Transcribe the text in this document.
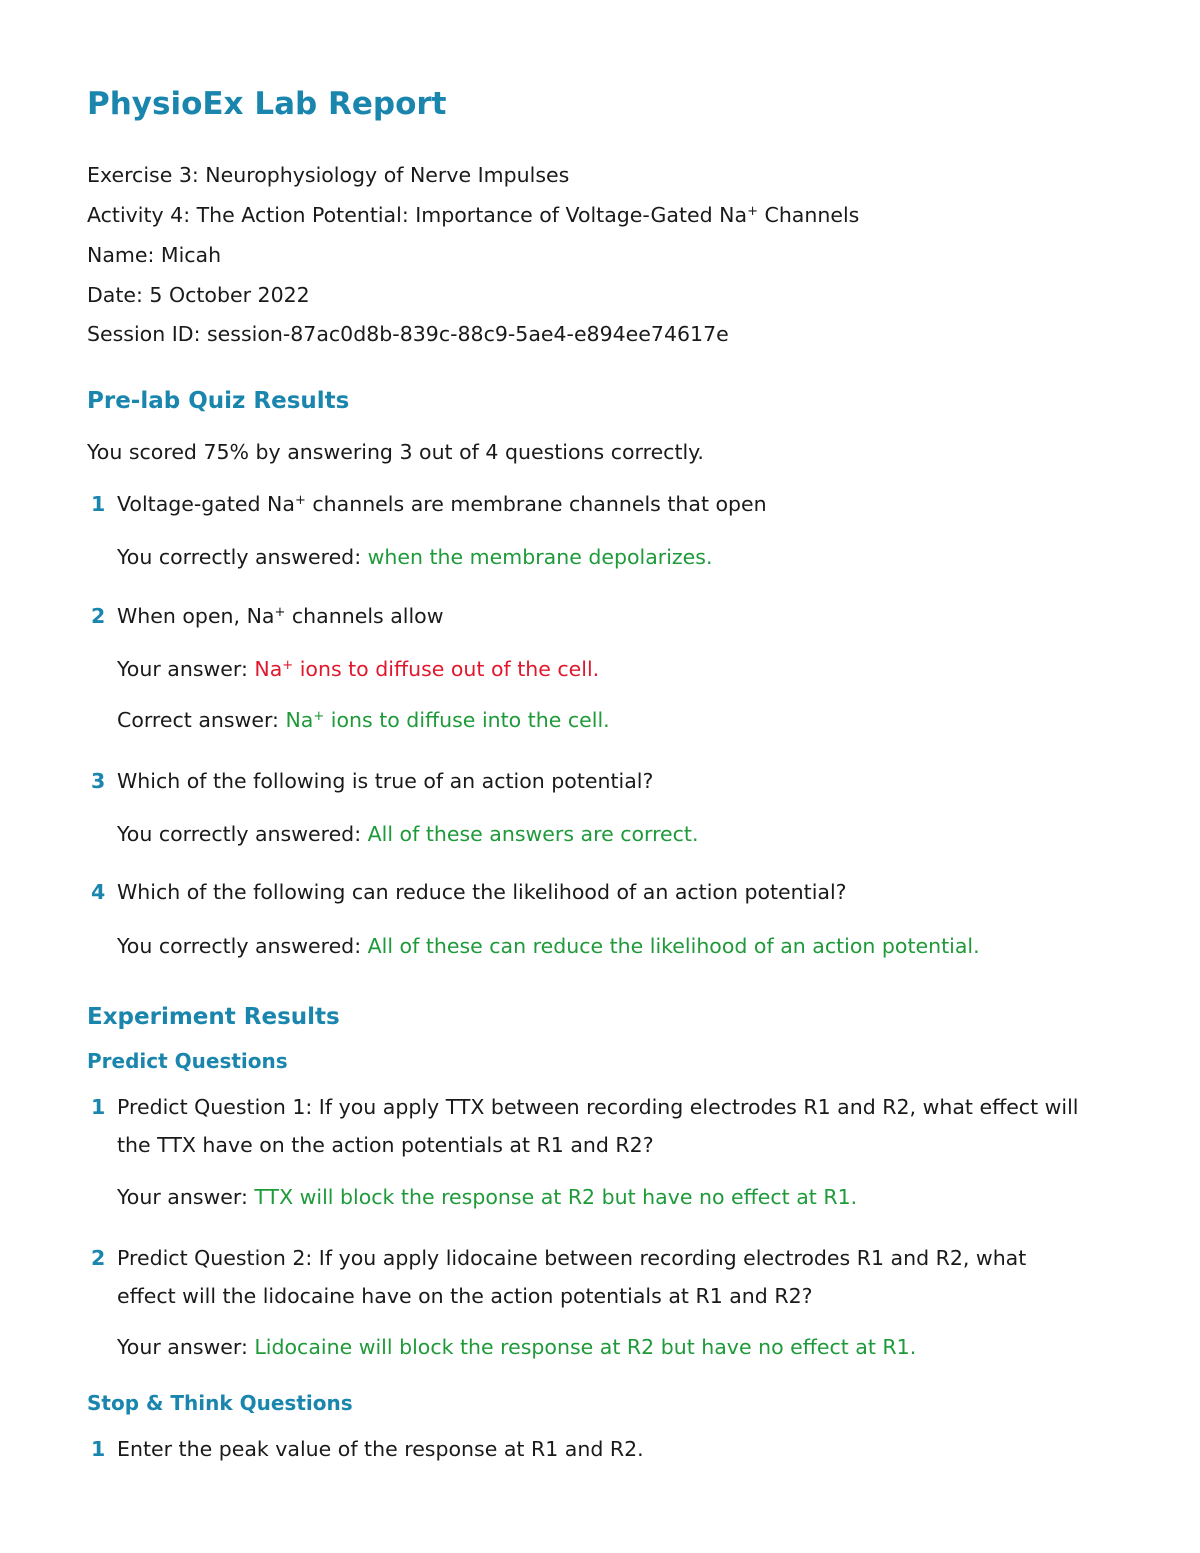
PhysioEx Lab Report
Exercise 3: Neurophysiology of Nerve Impulses
Activity 4: The Action Potential: Importance of Voltage-Gated Na+ Channels
Name: Micah
Date: 5 October 2022
Session ID: session-87ac0d8b-839c-88c9-5ae4-e894ee74617e
Pre-lab Quiz Results
You scored 75% by answering 3 out of 4 questions correctly.
1 Voltage-gated Na+ channels are membrane channels that open
You correctly answered: when the membrane depolarizes.
2 When open, Na+ channels allow
Your answer: Na+ ions to diffuse out of the cell.
Correct answer: Na+ ions to diffuse into the cell.
3 Which of the following is true of an action potential?
You correctly answered: All of these answers are correct.
4 Which of the following can reduce the likelihood of an action potential?
You correctly answered: All of these can reduce the likelihood of an action potential.
Experiment Results
Predict Questions
1 Predict Question 1: If you apply TTX between recording electrodes R1 and R2, what effect will
the TTX have on the action potentials at R1 and R2?
Your answer: TTX will block the response at R2 but have no effect at R1.
2 Predict Question 2: If you apply lidocaine between recording electrodes R1 and R2, what
effect will the lidocaine have on the action potentials at R1 and R2?
Your answer: Lidocaine will block the response at R2 but have no effect at R1.
Stop & Think Questions
1 Enter the peak value of the response at R1 and R2.
